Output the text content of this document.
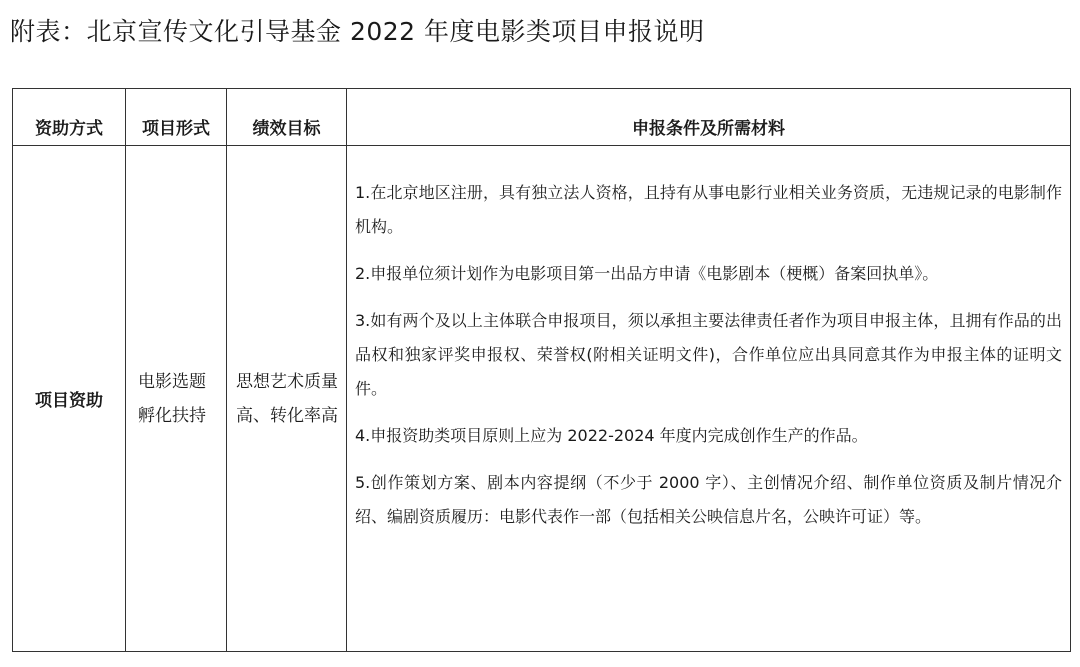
附表：北京宣传文化引导基金 2022 年度电影类项目申报说明
资助方式	项目形式	绩效目标	申报条件及所需材料
项目资助	电影选题孵化扶持	思想艺术质量高、转化率高	1.在北京地区注册，具有独立法人资格，且持有从事电影行业相关业务资质，无违规记录的电影制作机构。

2.申报单位须计划作为电影项目第一出品方申请《电影剧本（梗概）备案回执单》。

3.如有两个及以上主体联合申报项目，须以承担主要法律责任者作为项目申报主体，且拥有作品的出品权和独家评奖申报权、荣誉权(附相关证明文件)，合作单位应出具同意其作为申报主体的证明文件。

4.申报资助类项目原则上应为 2022-2024 年度内完成创作生产的作品。

5.创作策划方案、剧本内容提纲（不少于 2000 字）、主创情况介绍、制作单位资质及制片情况介绍、编剧资质履历：电影代表作一部（包括相关公映信息片名，公映许可证）等。
